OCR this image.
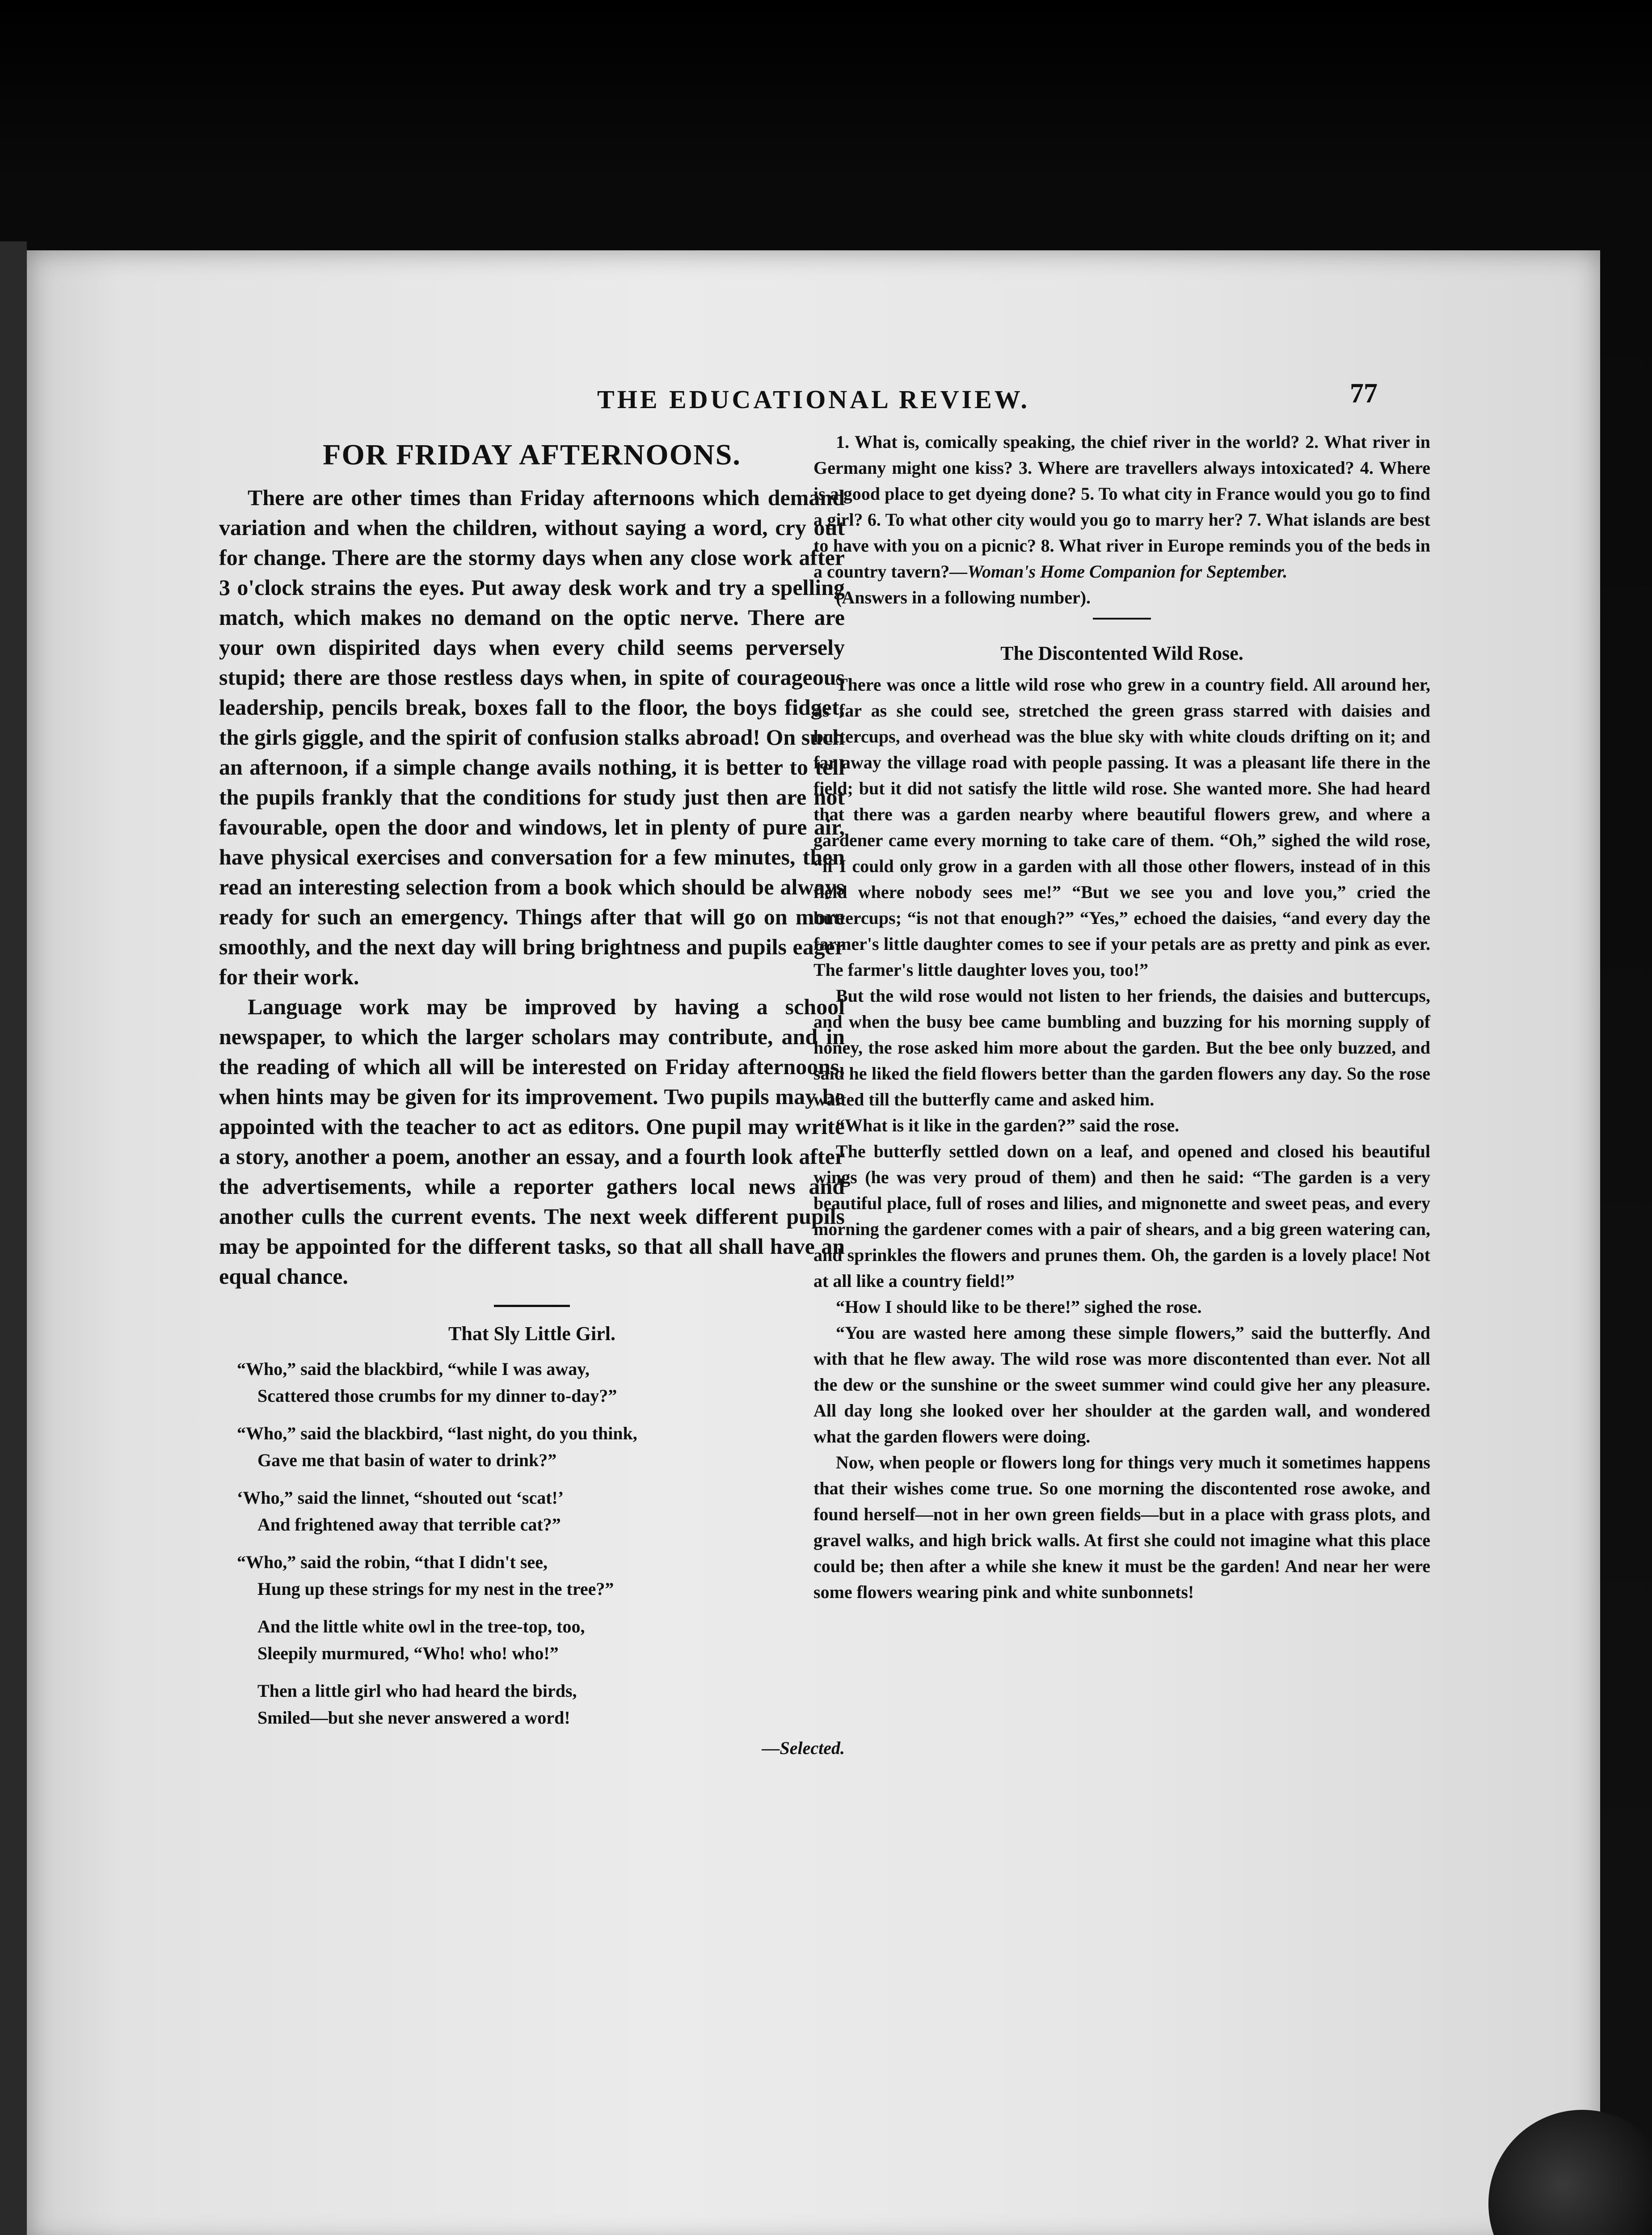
THE EDUCATIONAL REVIEW.	77
FOR FRIDAY AFTERNOONS.

There are other times than Friday afternoons which demand variation and when the children, without saying a word, cry out for change. There are the stormy days when any close work after 3 o'clock strains the eyes. Put away desk work and try a spelling match, which makes no demand on the optic nerve. There are your own dispirited days when every child seems perversely stupid; there are those restless days when, in spite of courageous leadership, pencils break, boxes fall to the floor, the boys fidget, the girls giggle, and the spirit of confusion stalks abroad! On such an afternoon, if a simple change avails nothing, it is better to tell the pupils frankly that the conditions for study just then are not favourable, open the door and windows, let in plenty of pure air, have physical exercises and conversation for a few minutes, then read an interesting selection from a book which should be always ready for such an emergency. Things after that will go on more smoothly, and the next day will bring brightness and pupils eager for their work.

Language work may be improved by having a school newspaper, to which the larger scholars may contribute, and in the reading of which all will be interested on Friday afternoons, when hints may be given for its improvement. Two pupils may be appointed with the teacher to act as editors. One pupil may write a story, another a poem, another an essay, and a fourth look after the advertisements, while a reporter gathers local news and another culls the current events. The next week different pupils may be appointed for the different tasks, so that all shall have an equal chance.

That Sly Little Girl.
“Who,” said the blackbird, “while I was away,
Scattered those crumbs for my dinner to-day?”
“Who,” said the blackbird, “last night, do you think,
Gave me that basin of water to drink?”
‘Who,” said the linnet, “shouted out ‘scat!’
And frightened away that terrible cat?”
“Who,” said the robin, “that I didn't see,
Hung up these strings for my nest in the tree?”
And the little white owl in the tree-top, too,
Sleepily murmured, “Who! who! who!”
Then a little girl who had heard the birds,
Smiled—but she never answered a word!
—Selected.

1. What is, comically speaking, the chief river in the world? 2. What river in Germany might one kiss? 3. Where are travellers always intoxicated? 4. Where is a good place to get dyeing done? 5. To what city in France would you go to find a girl? 6. To what other city would you go to marry her? 7. What islands are best to have with you on a picnic? 8. What river in Europe reminds you of the beds in a country tavern?—Woman's Home Companion for September.

(Answers in a following number).

The Discontented Wild Rose.

There was once a little wild rose who grew in a country field. All around her, as far as she could see, stretched the green grass starred with daisies and buttercups, and overhead was the blue sky with white clouds drifting on it; and far away the village road with people passing. It was a pleasant life there in the field; but it did not satisfy the little wild rose. She wanted more. She had heard that there was a garden nearby where beautiful flowers grew, and where a gardener came every morning to take care of them. “Oh,” sighed the wild rose, “if I could only grow in a garden with all those other flowers, instead of in this field where nobody sees me!” “But we see you and love you,” cried the buttercups; “is not that enough?” “Yes,” echoed the daisies, “and every day the farmer's little daughter comes to see if your petals are as pretty and pink as ever. The farmer's little daughter loves you, too!”

But the wild rose would not listen to her friends, the daisies and buttercups, and when the busy bee came bumbling and buzzing for his morning supply of honey, the rose asked him more about the garden. But the bee only buzzed, and said he liked the field flowers better than the garden flowers any day. So the rose waited till the butterfly came and asked him.

“What is it like in the garden?” said the rose.

The butterfly settled down on a leaf, and opened and closed his beautiful wings (he was very proud of them) and then he said: “The garden is a very beautiful place, full of roses and lilies, and mignonette and sweet peas, and every morning the gardener comes with a pair of shears, and a big green watering can, and sprinkles the flowers and prunes them. Oh, the garden is a lovely place! Not at all like a country field!”

“How I should like to be there!” sighed the rose.

“You are wasted here among these simple flowers,” said the butterfly. And with that he flew away. The wild rose was more discontented than ever. Not all the dew or the sunshine or the sweet summer wind could give her any pleasure. All day long she looked over her shoulder at the garden wall, and wondered what the garden flowers were doing.

Now, when people or flowers long for things very much it sometimes happens that their wishes come true. So one morning the discontented rose awoke, and found herself—not in her own green fields—but in a place with grass plots, and gravel walks, and high brick walls. At first she could not imagine what this place could be; then after a while she knew it must be the garden! And near her were some flowers wearing pink and white sunbonnets!
